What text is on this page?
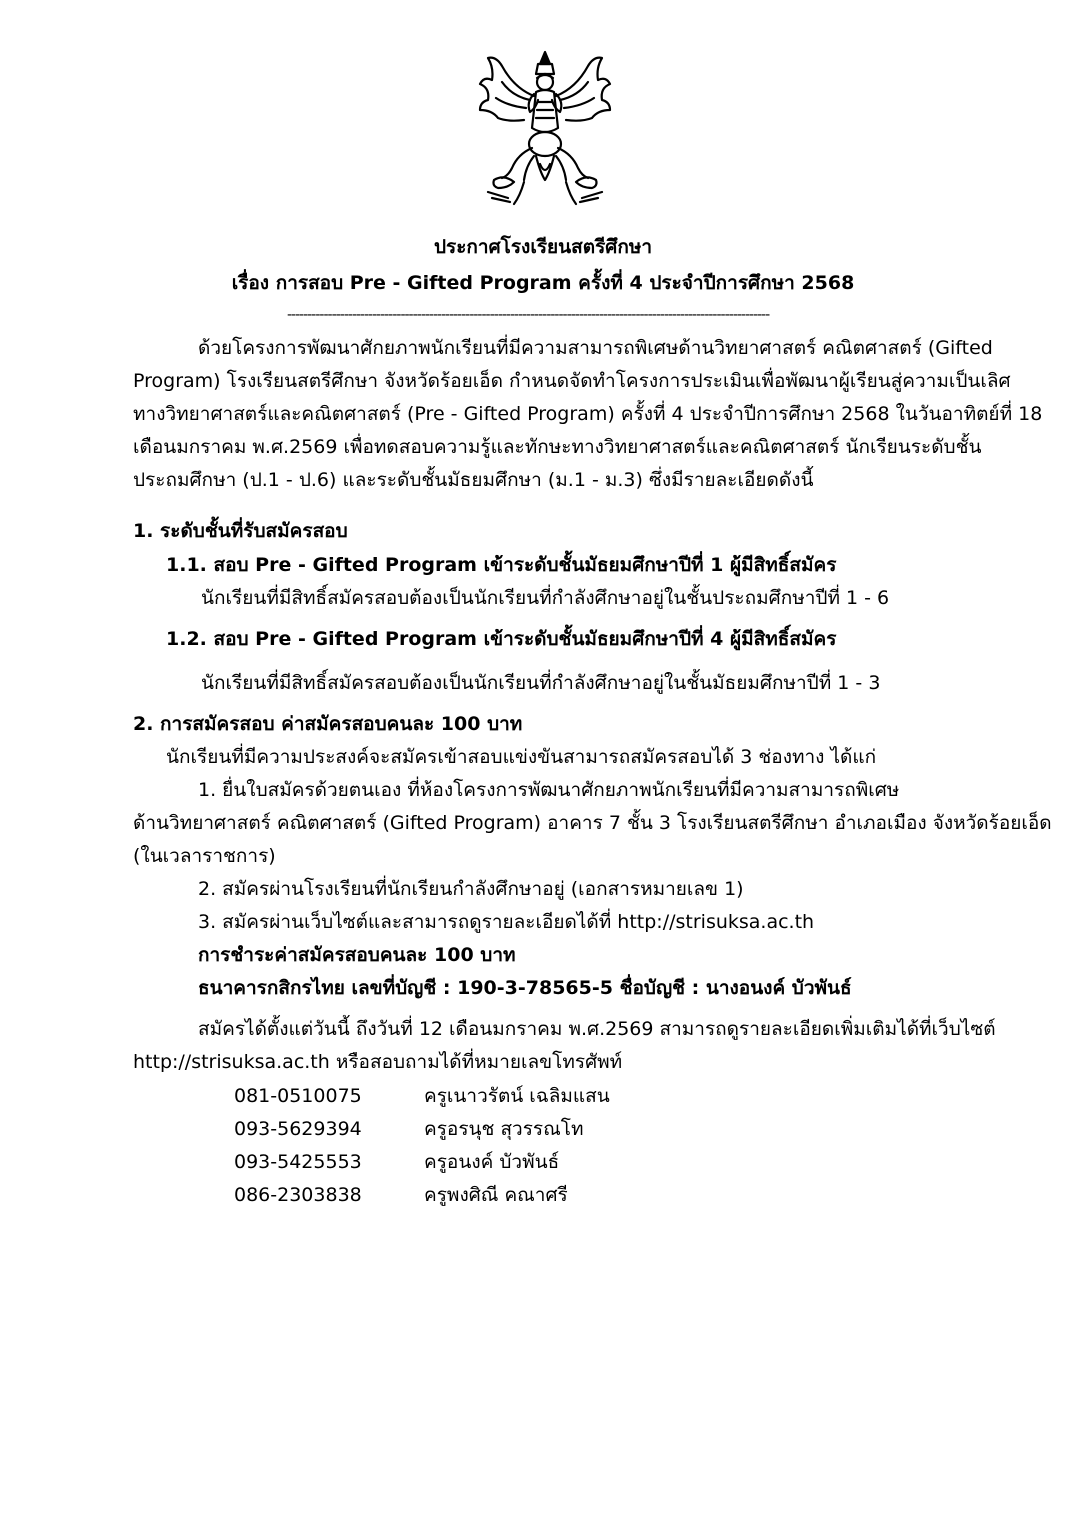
ประกาศโรงเรียนสตรีศึกษา
เรื่อง การสอบ Pre - Gifted Program ครั้งที่ 4 ประจำปีการศึกษา 2568
-----------------------------------------------------------------------------------------------------------------------
ด้วยโครงการพัฒนาศักยภาพนักเรียนที่มีความสามารถพิเศษด้านวิทยาศาสตร์ คณิตศาสตร์ (Gifted
Program) โรงเรียนสตรีศึกษา จังหวัดร้อยเอ็ด กำหนดจัดทำโครงการประเมินเพื่อพัฒนาผู้เรียนสู่ความเป็นเลิศ
ทางวิทยาศาสตร์และคณิตศาสตร์ (Pre - Gifted Program) ครั้งที่ 4 ประจำปีการศึกษา 2568 ในวันอาทิตย์ที่ 18
เดือนมกราคม พ.ศ.2569 เพื่อทดสอบความรู้และทักษะทางวิทยาศาสตร์และคณิตศาสตร์ นักเรียนระดับชั้น
ประถมศึกษา (ป.1 - ป.6) และระดับชั้นมัธยมศึกษา (ม.1 - ม.3) ซึ่งมีรายละเอียดดังนี้
1. ระดับชั้นที่รับสมัครสอบ
1.1. สอบ Pre - Gifted Program เข้าระดับชั้นมัธยมศึกษาปีที่ 1 ผู้มีสิทธิ์สมัคร
นักเรียนที่มีสิทธิ์สมัครสอบต้องเป็นนักเรียนที่กำลังศึกษาอยู่ในชั้นประถมศึกษาปีที่ 1 - 6
1.2. สอบ Pre - Gifted Program เข้าระดับชั้นมัธยมศึกษาปีที่ 4 ผู้มีสิทธิ์สมัคร
นักเรียนที่มีสิทธิ์สมัครสอบต้องเป็นนักเรียนที่กำลังศึกษาอยู่ในชั้นมัธยมศึกษาปีที่ 1 - 3
2. การสมัครสอบ ค่าสมัครสอบคนละ 100 บาท
นักเรียนที่มีความประสงค์จะสมัครเข้าสอบแข่งขันสามารถสมัครสอบได้ 3 ช่องทาง ได้แก่
1. ยื่นใบสมัครด้วยตนเอง ที่ห้องโครงการพัฒนาศักยภาพนักเรียนที่มีความสามารถพิเศษ
ด้านวิทยาศาสตร์ คณิตศาสตร์ (Gifted Program) อาคาร 7 ชั้น 3 โรงเรียนสตรีศึกษา อำเภอเมือง จังหวัดร้อยเอ็ด
(ในเวลาราชการ)
2. สมัครผ่านโรงเรียนที่นักเรียนกำลังศึกษาอยู่ (เอกสารหมายเลข 1)
3. สมัครผ่านเว็บไซต์และสามารถดูรายละเอียดได้ที่ http://strisuksa.ac.th
การชำระค่าสมัครสอบคนละ 100 บาท
ธนาคารกสิกรไทย เลขที่บัญชี : 190-3-78565-5 ชื่อบัญชี : นางอนงค์ บัวพันธ์
สมัครได้ตั้งแต่วันนี้ ถึงวันที่ 12 เดือนมกราคม พ.ศ.2569 สามารถดูรายละเอียดเพิ่มเติมได้ที่เว็บไซต์
http://strisuksa.ac.th หรือสอบถามได้ที่หมายเลขโทรศัพท์
081-0510075	ครูเนาวรัตน์ เฉลิมแสน
093-5629394	ครูอรนุช สุวรรณโท
093-5425553	ครูอนงค์ บัวพันธ์
086-2303838	ครูพงศิณี คณาศรี
